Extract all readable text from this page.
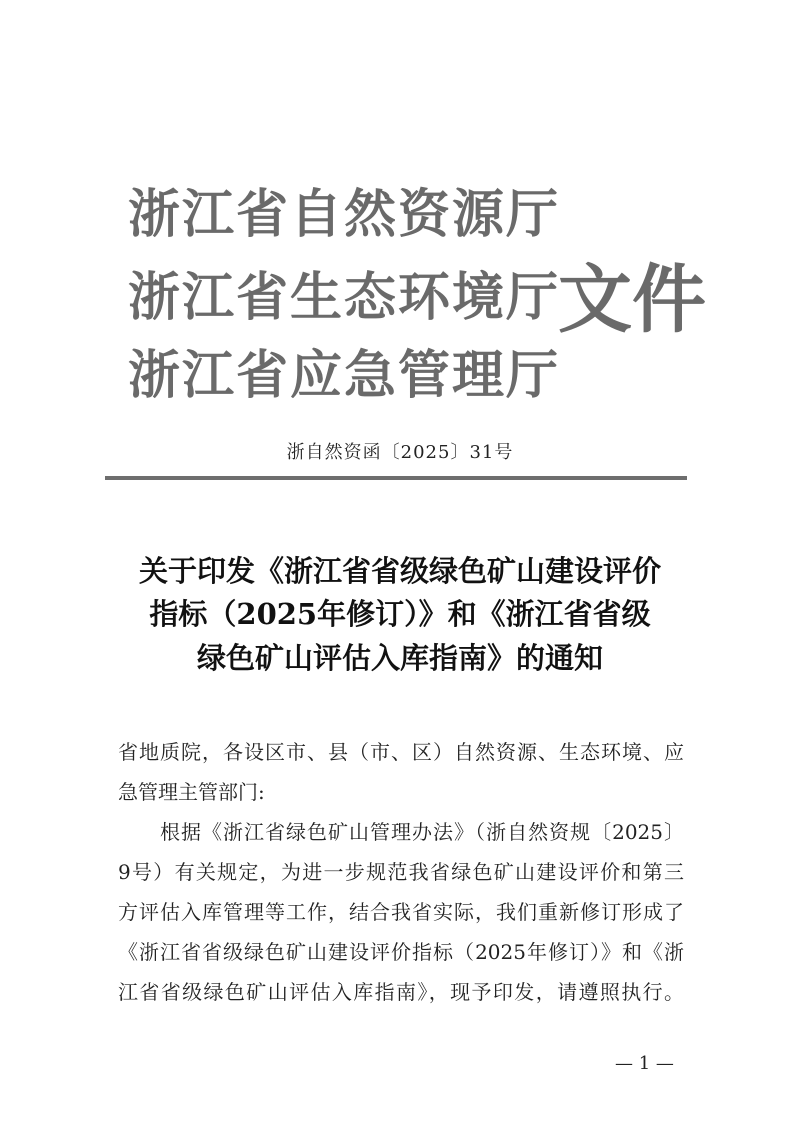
浙江省自然资源厅
浙江省生态环境厅
浙江省应急管理厅
文件
浙自然资函〔2025〕31号
关于印发《浙江省省级绿色矿山建设评价
指标（2025年修订）》和《浙江省省级
绿色矿山评估入库指南》的通知
省地质院，各设区市、县（市、区）自然资源、生态环境、应
急管理主管部门:
根据《浙江省绿色矿山管理办法》（浙自然资规〔2025〕
9号）有关规定，为进一步规范我省绿色矿山建设评价和第三
方评估入库管理等工作，结合我省实际，我们重新修订形成了
《浙江省省级绿色矿山建设评价指标（2025年修订）》和《浙
江省省级绿色矿山评估入库指南》，现予印发，请遵照执行。
— 1 —
